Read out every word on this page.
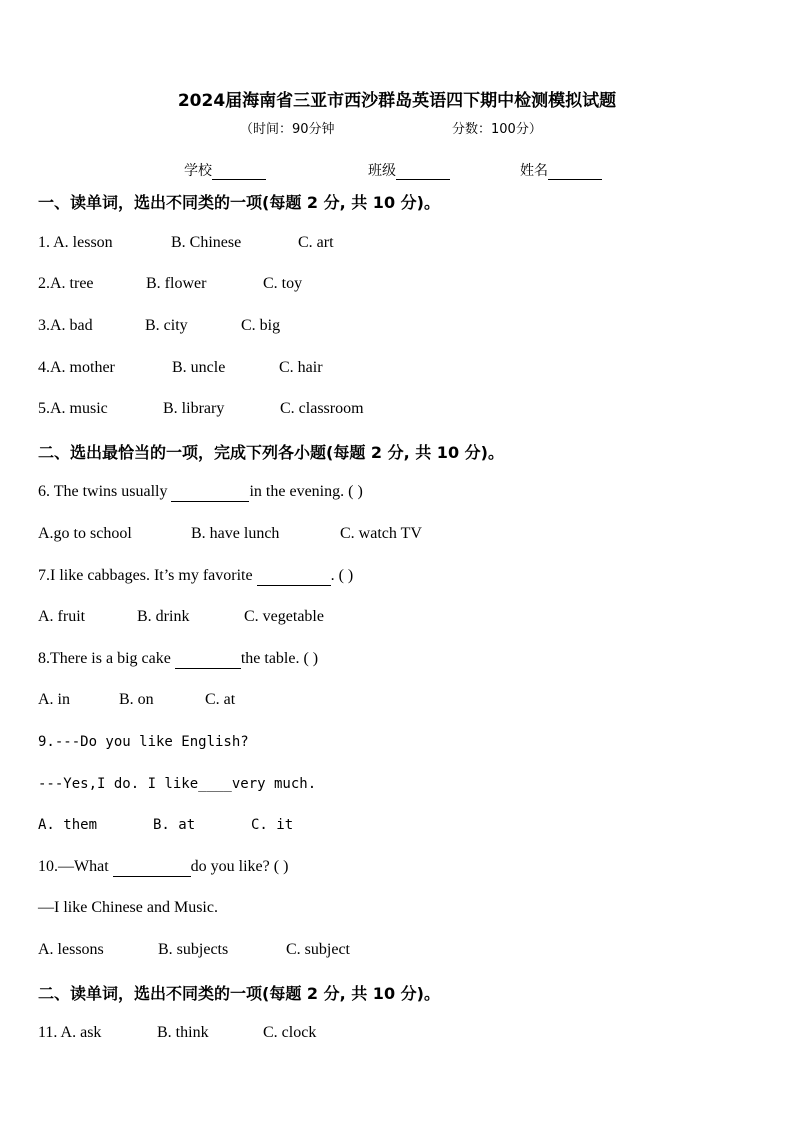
2024届海南省三亚市西沙群岛英语四下期中检测模拟试题
（时间：90分钟	分数：100分）
学校	班级	姓名
一、读单词，选出不同类的一项(每题 2 分, 共 10 分)。
1. A. lesson	B. Chinese	C. art
2.A. tree	B. flower	C. toy
3.A. bad	B. city	C. big
4.A. mother	B. uncle	C. hair
5.A. music	B. library	C. classroom
二、选出最恰当的一项，完成下列各小题(每题 2 分, 共 10 分)。
6. The twins usually	in the evening. ( )
A.go to school	B. have lunch	C. watch TV
7.I like cabbages. It’s my favorite	. ( )
A. fruit	B. drink	C. vegetable
8.There is a big cake	the table. ( )
A. in	B. on	C. at
9.---Do you like English?
---Yes,I do. I like____very much.
A. them	B. at	C. it
10.—What	do you like? ( )
—I like Chinese and Music.
A. lessons	B. subjects	C. subject
二、读单词，选出不同类的一项(每题 2 分, 共 10 分)。
11. A. ask	B. think	C. clock
